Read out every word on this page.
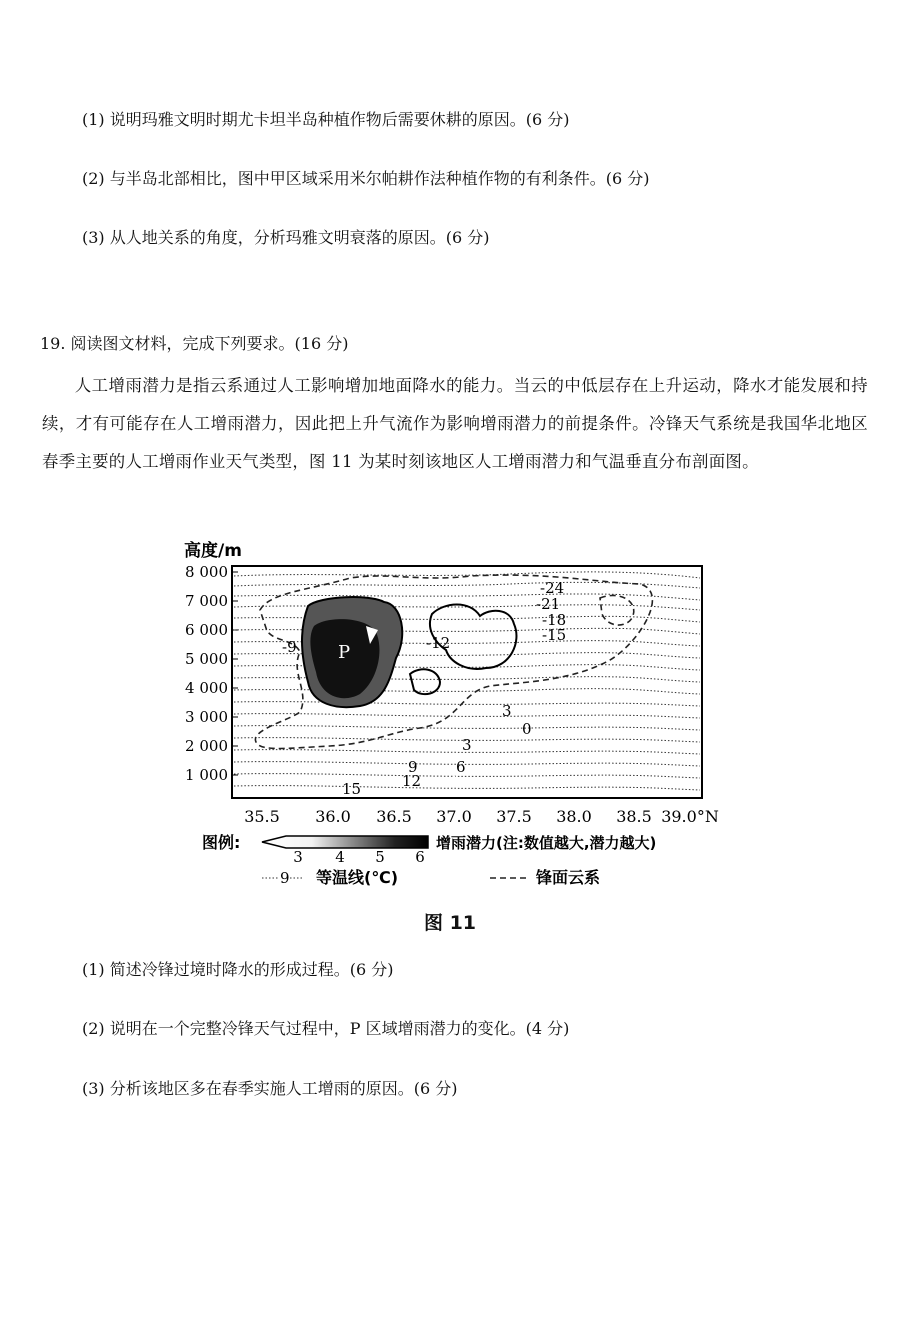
(1) 说明玛雅文明时期尤卡坦半岛种植作物后需要休耕的原因。(6 分)
(2) 与半岛北部相比，图中甲区域采用米尔帕耕作法种植作物的有利条件。(6 分)
(3) 从人地关系的角度，分析玛雅文明衰落的原因。(6 分)
19. 阅读图文材料，完成下列要求。(16 分)
人工增雨潜力是指云系通过人工影响增加地面降水的能力。当云的中低层存在上升运动，降水才能发展和持续，才有可能存在人工增雨潜力，因此把上升气流作为影响增雨潜力的前提条件。冷锋天气系统是我国华北地区春季主要的人工增雨作业天气类型，图 11 为某时刻该地区人工增雨潜力和气温垂直分布剖面图。
高度/m
8 000
7 000
6 000
5 000
4 000
3 000
2 000
1 000
35.5 36.0 36.5 37.0 37.5 38.0 38.5 39.0°N
P
-24
-21
-18
-15
-12
-9
0
3
3
6
9
12
15
3
图例:
3 4 5 6
增雨潜力(注:数值越大,潜力越大)
9 等温线(℃)	锋面云系
图 11
(1) 简述冷锋过境时降水的形成过程。(6 分)
(2) 说明在一个完整冷锋天气过程中，P 区域增雨潜力的变化。(4 分)
(3) 分析该地区多在春季实施人工增雨的原因。(6 分)
